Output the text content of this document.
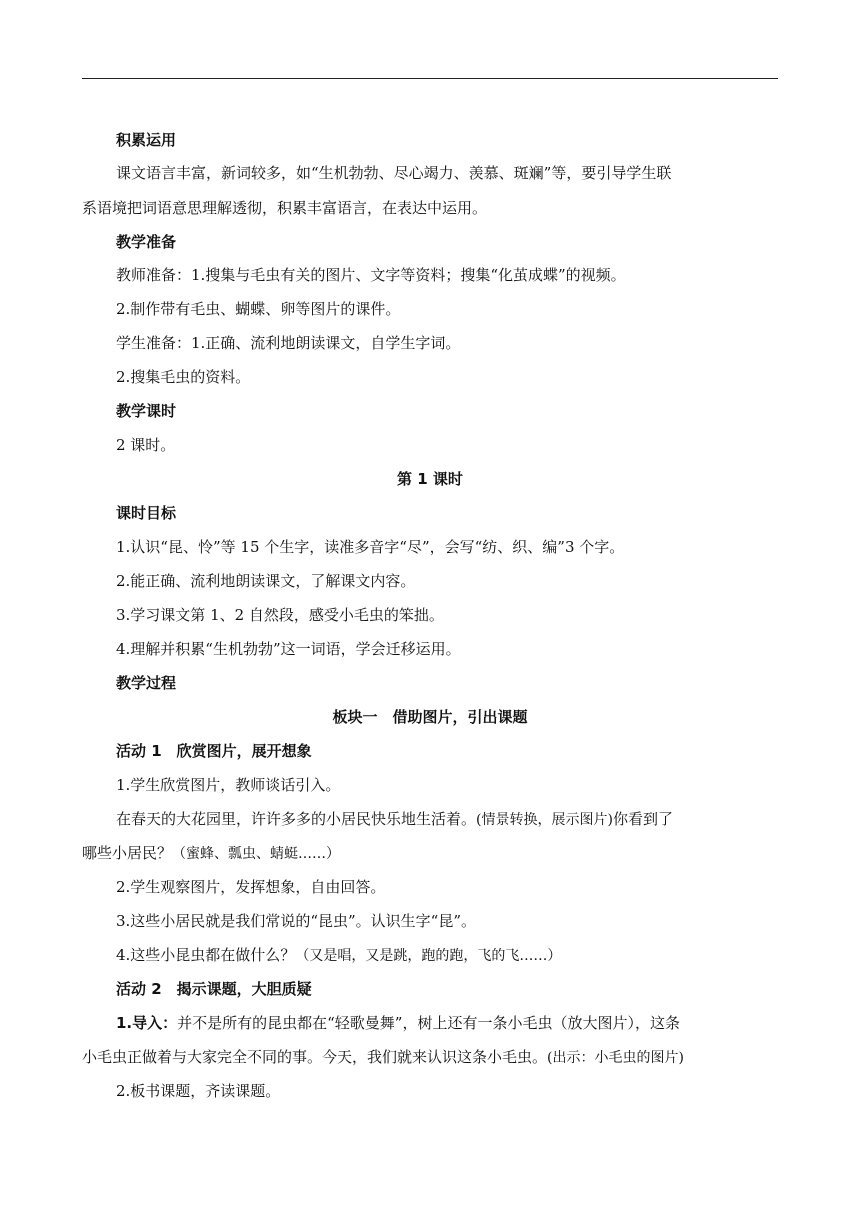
积累运用
课文语言丰富，新词较多，如“生机勃勃、尽心竭力、羡慕、斑斓”等，要引导学生联
系语境把词语意思理解透彻，积累丰富语言，在表达中运用。
教学准备
教师准备：1.搜集与毛虫有关的图片、文字等资料；搜集“化茧成蝶”的视频。
2.制作带有毛虫、蝴蝶、卵等图片的课件。
学生准备：1.正确、流利地朗读课文，自学生字词。
2.搜集毛虫的资料。
教学课时
2 课时。
第 1 课时
课时目标
1.认识“昆、怜”等 15 个生字，读准多音字“尽”，会写“纺、织、编”3 个字。
2.能正确、流利地朗读课文，了解课文内容。
3.学习课文第 1、2 自然段，感受小毛虫的笨拙。
4.理解并积累“生机勃勃”这一词语，学会迁移运用。
教学过程
板块一　借助图片，引出课题
活动 1　欣赏图片，展开想象
1.学生欣赏图片，教师谈话引入。
在春天的大花园里，许许多多的小居民快乐地生活着。(情景转换，展示图片)你看到了
哪些小居民？（蜜蜂、瓢虫、蜻蜓……）
2.学生观察图片，发挥想象，自由回答。
3.这些小居民就是我们常说的“昆虫”。认识生字“昆”。
4.这些小昆虫都在做什么？（又是唱，又是跳，跑的跑，飞的飞……）
活动 2　揭示课题，大胆质疑
1.导入：并不是所有的昆虫都在“轻歌曼舞”，树上还有一条小毛虫（放大图片），这条
小毛虫正做着与大家完全不同的事。今天，我们就来认识这条小毛虫。(出示：小毛虫的图片)
2.板书课题，齐读课题。
